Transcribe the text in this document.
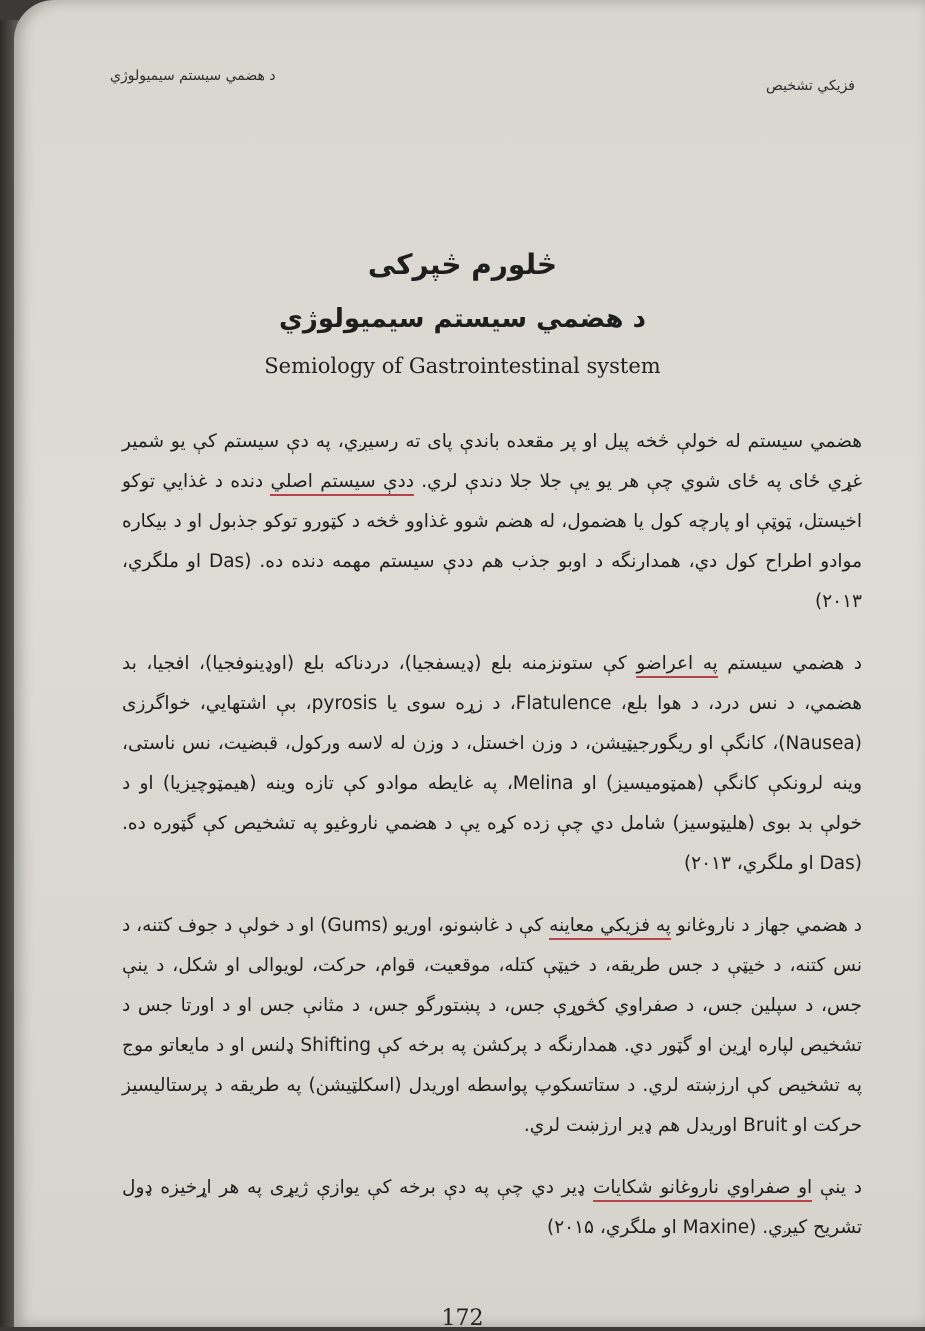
د هضمي سيستم سيميولوژي
فزيکي تشخيص
څلورم څپرکی
د هضمي سيستم سيميولوژي
Semiology of Gastrointestinal system

هضمي سيستم له خولې څخه پيل او پر مقعده باندې پای ته رسيږي، په دې سيستم کې يو شمير غړي ځای په ځای شوي چې هر يو يې جلا جلا دندې لري. ددې سيستم اصلي دنده د غذايي توکو اخيستل، ټوټې او پارچه کول يا هضمول، له هضم شوو غذاوو څخه د کټورو توکو جذبول او د بيکاره موادو اطراح کول دي، همدارنگه د اوبو جذب هم ددې سيستم مهمه دنده ده. (Das او ملگري، ۲۰۱۳)

د هضمي سيستم په اعراضو کې ستونزمنه بلع (ډيسفجيا)، دردناکه بلع (اوډينوفجيا)، افجيا، بد هضمي، د نس درد، د هوا بلع، Flatulence، د زړه سوی يا pyrosis، بې اشتهايي، خواگرزی (Nausea)، کانگې او ريگورجيټيشن، د وزن اخستل، د وزن له لاسه ورکول، قبضيت، نس ناستی، وينه لرونکې کانگې (همټوميسيز) او Melina، په غايطه موادو کې تازه وينه (هيمټوچيزيا) او د خولې بد بوی (هليټوسيز) شامل دي چې زده کړه يې د هضمي ناروغيو په تشخيص کې گټوره ده. (Das او ملگري، ۲۰۱۳)

د هضمي جهاز د ناروغانو په فزيکي معاينه کې د غاښونو، اوريو (Gums) او د خولې د جوف کتنه، د نس کتنه، د خيټې د جس طريقه، د خيټې کتله، موقعيت، قوام، حرکت، لويوالی او شکل، د ينې جس، د سپلين جس، د صفراوي کڅوړې جس، د پښتورگو جس، د مثانې جس او د اورتا جس د تشخيص لپاره اړين او گټور دي. همدارنگه د پرکشن په برخه کې Shifting ډلنس او د مايعاتو موج په تشخيص کې ارزښته لري. د ستاتسکوپ پواسطه اوريدل (اسکلټيشن) په طريقه د پرستاليسيز حرکت او Bruit اوريدل هم ډير ارزښت لري.

د ينې او صفراوي ناروغانو شکايات ډير دي چې په دې برخه کې يوازې ژيړی په هر اړخيزه ډول تشريح کيږي. (Maxine او ملگري، ۲۰۱۵)

172
